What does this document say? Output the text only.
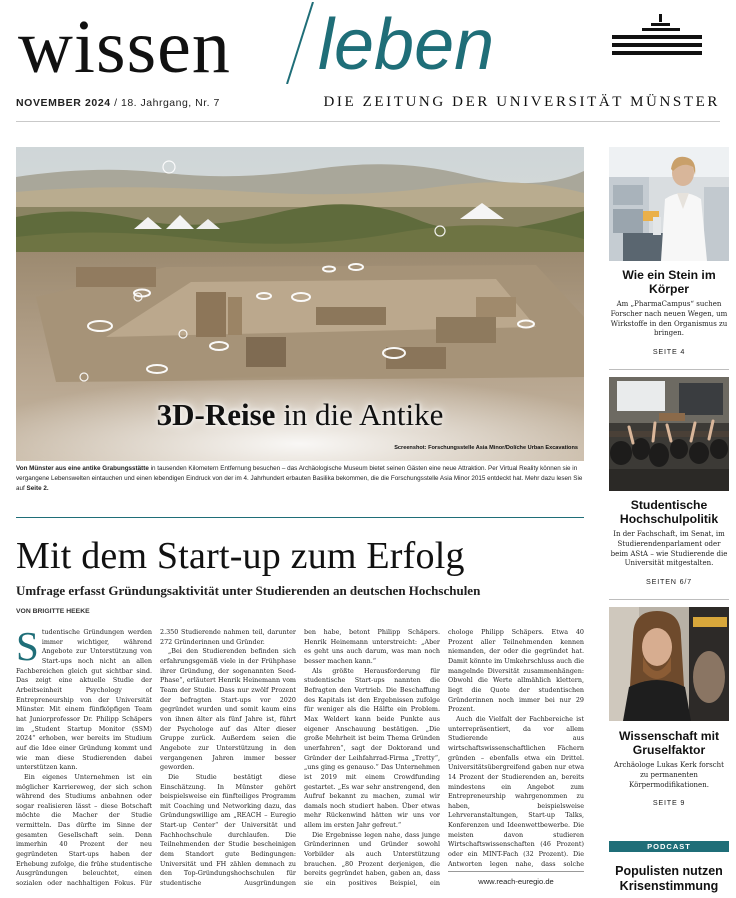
wissen leben
NOVEMBER 2024 / 18. Jahrgang, Nr. 7	DIE ZEITUNG DER UNIVERSITÄT MÜNSTER
3D-Reise in die Antike
Screenshot: Forschungsstelle Asia Minor/Dolíche Urban Excavations
Von Münster aus eine antike Grabungsstätte in tausenden Kilometern Entfernung besuchen – das Archäologische Museum bietet seinen Gästen eine neue Attraktion. Per Virtual Reality können sie in vergangene Lebenswelten eintauchen und einen lebendigen Eindruck von der im 4. Jahrhundert erbauten Basilika bekommen, die die Forschungsstelle Asia Minor 2015 entdeckt hat. Mehr dazu lesen Sie auf Seite 2.
Mit dem Start-up zum Erfolg
Umfrage erfasst Gründungsaktivität unter Studierenden an deutschen Hochschulen
VON BRIGITTE HEEKE

Studentische Gründungen werden immer wichtiger, während Angebote zur Unterstützung von Start-ups noch nicht an allen Fachbereichen gleich gut sichtbar sind. Das zeigt eine aktuelle Studie der Arbeitseinheit Psychology of Entrepreneurship von der Universität Münster. Mit einem fünfköpfigen Team hat Juniorprofessor Dr. Philipp Schäpers im „Student Startup Monitor (SSM) 2024“ erhoben, wer bereits im Studium auf die Idee einer Gründung kommt und wie man diese Studierenden dabei unterstützen kann.

Ein eigenes Unternehmen ist ein möglicher Karriereweg, der sich schon während des Studiums anbahnen oder sogar realisieren lässt – diese Botschaft möchte die Macher der Studie vermitteln. Das dürfte im Sinne der gesamten Gesellschaft sein. Denn immerhin 40 Prozent der neu gegründeten Start-ups haben der Erhebung zufolge, die frühe studentische Ausgründungen beleuchtet, einen sozialen oder nachhaltigen Fokus. Für

2.350 Studierende nahmen teil, darunter 272 Gründerinnen und Gründer.

„Bei den Studierenden befinden sich erfahrungsgemäß viele in der Frühphase ihrer Gründung, der sogenannten Seed-Phase“, erläutert Henrik Heinemann vom Team der Studie. Dass nur zwölf Prozent der befragten Start-ups vor 2020 gegründet wurden und somit kaum eins von ihnen älter als fünf Jahre ist, führt der Psychologe auf das Alter dieser Gruppe zurück. Außerdem seien die Angebote zur Unterstützung in den vergangenen Jahren immer besser geworden.

Die Studie bestätigt diese Einschätzung. In Münster gehört beispielsweise ein fünfteiliges Programm mit Coaching und Networking dazu, das Gründungswillige am „REACH – Euregio Start-up Center“ der Universität und Fachhochschule durchlaufen. Die Teilnehmenden der Studie bescheinigen dem Standort gute Bedingungen: Universität und FH zählen demnach zu den Top-Gründungshochschulen für studentische Ausgründungen

ben habe, betont Philipp Schäpers. Henrik Heinemann unterstreicht: „Aber es geht uns auch darum, was man noch besser machen kann.“

Als größte Herausforderung für studentische Start-ups nannten die Befragten den Vertrieb. Die Beschaffung des Kapitals ist den Ergebnissen zufolge für weniger als die Hälfte ein Problem. Max Weldert kann beide Punkte aus eigener Anschauung bestätigen. „Die große Mehrheit ist beim Thema Gründen unerfahren“, sagt der Doktorand und Gründer der Leihfahrrad-Firma „Tretty“, „uns ging es genauso.“ Das Unternehmen ist 2019 mit einem Crowdfunding gestartet. „Es war sehr anstrengend, den Aufruf bekannt zu machen, zumal wir damals noch studiert haben. Über etwas mehr Rückenwind hätten wir uns vor allem im ersten Jahr gefreut.“

Die Ergebnisse legen nahe, dass junge Gründerinnen und Gründer sowohl Vorbilder als auch Unterstützung brauchen. „80 Prozent derjenigen, die bereits gegründet haben, gaben an, dass sie ein positives Beispiel, ein

chologe Philipp Schäpers. Etwa 40 Prozent aller Teilnehmenden kennen niemanden, der oder die gegründet hat. Damit könnte im Umkehrschluss auch die mangelnde Diversität zusammenhängen: Obwohl die Werte allmählich klettern, liegt die Quote der studentischen Gründerinnen noch immer bei nur 29 Prozent.

Auch die Vielfalt der Fachbereiche ist unterrepräsentiert, da vor allem Studierende aus wirtschaftswissenschaftlichen Fächern gründen – ebenfalls etwa ein Drittel. Universitätsübergreifend gaben nur etwa 14 Prozent der Studierenden an, bereits mindestens ein Angebot zum Entrepreneurship wahrgenommen zu haben, beispielsweise Lehrveranstaltungen, Start-up Talks, Konferenzen und Ideenwettbewerbe. Die meisten davon studieren Wirtschaftswissenschaften (46 Prozent) oder ein MINT-Fach (32 Prozent). Die Antworten legen nahe, dass solche

www.reach-euregio.de
Wie ein Stein im Körper
Am „PharmaCampus“ suchen Forscher nach neuen Wegen, um Wirkstoffe in den Organismus zu bringen.
SEITE 4
Studentische Hochschulpolitik
In der Fachschaft, im Senat, im Studierendenparlament oder beim AStA – wie Studierende die Universität mitgestalten.
SEITEN 6/7
Wissenschaft mit Gruselfaktor
Archäologe Lukas Kerk forscht zu permanenten Körpermodifikationen.
SEITE 9
PODCAST
Populisten nutzen Krisenstimmung
